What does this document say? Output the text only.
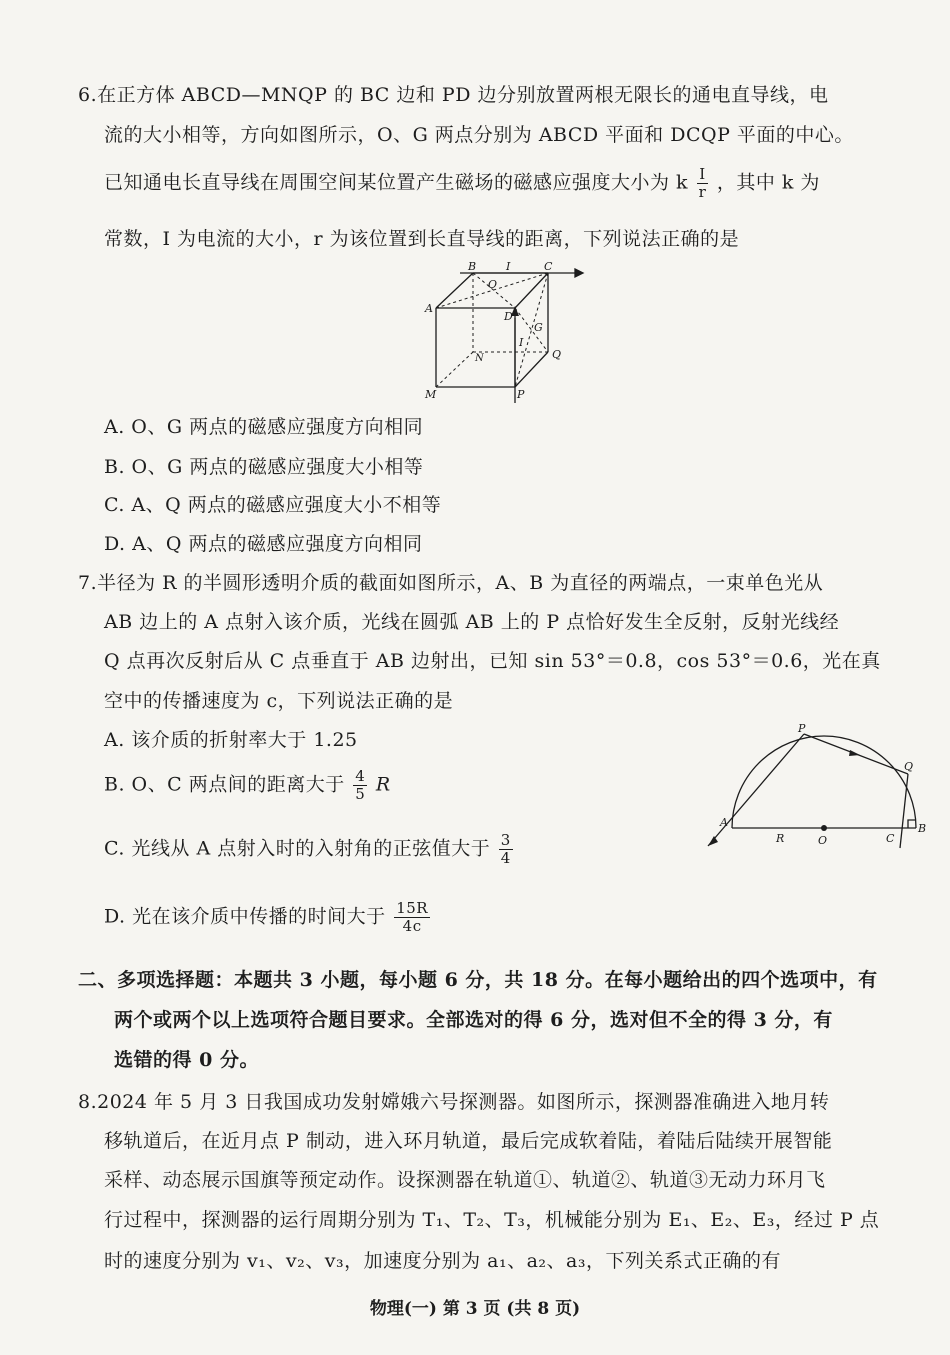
6.在正方体 ABCD—MNQP 的 BC 边和 PD 边分别放置两根无限长的通电直导线，电
流的大小相等，方向如图所示，O、G 两点分别为 ABCD 平面和 DCQP 平面的中心。
已知通电长直导线在周围空间某位置产生磁场的磁感应强度大小为 k $\frac{I}{r}$ ，其中 k 为
常数，I 为电流的大小，r 为该位置到长直导线的距离，下列说法正确的是
B	I	C
A
O
D
G
N	Q
M	P
I
A. O、G 两点的磁感应强度方向相同
B. O、G 两点的磁感应强度大小相等
C. A、Q 两点的磁感应强度大小不相等
D. A、Q 两点的磁感应强度方向相同
7.半径为 R 的半圆形透明介质的截面如图所示，A、B 为直径的两端点，一束单色光从
AB 边上的 A 点射入该介质，光线在圆弧 AB 上的 P 点恰好发生全反射，反射光线经
Q 点再次反射后从 C 点垂直于 AB 边射出，已知 sin 53°＝0.8，cos 53°＝0.6，光在真
空中的传播速度为 c，下列说法正确的是
A. 该介质的折射率大于 1.25
B. O、C 两点间的距离大于 $\frac{4}{5}$ R
C. 光线从 A 点射入时的入射角的正弦值大于 $\frac{3}{4}$
D. 光在该介质中传播的时间大于 $\frac{15R}{4c}$
P
Q
A
R	O	C
B
二、多项选择题：本题共 3 小题，每小题 6 分，共 18 分。在每小题给出的四个选项中，有
两个或两个以上选项符合题目要求。全部选对的得 6 分，选对但不全的得 3 分，有
选错的得 0 分。
8.2024 年 5 月 3 日我国成功发射嫦娥六号探测器。如图所示，探测器准确进入地月转
移轨道后，在近月点 P 制动，进入环月轨道，最后完成软着陆，着陆后陆续开展智能
采样、动态展示国旗等预定动作。设探测器在轨道①、轨道②、轨道③无动力环月飞
行过程中，探测器的运行周期分别为 T₁、T₂、T₃，机械能分别为 E₁、E₂、E₃，经过 P 点
时的速度分别为 v₁、v₂、v₃，加速度分别为 a₁、a₂、a₃，下列关系式正确的有
物理(一) 第 3 页 (共 8 页)
